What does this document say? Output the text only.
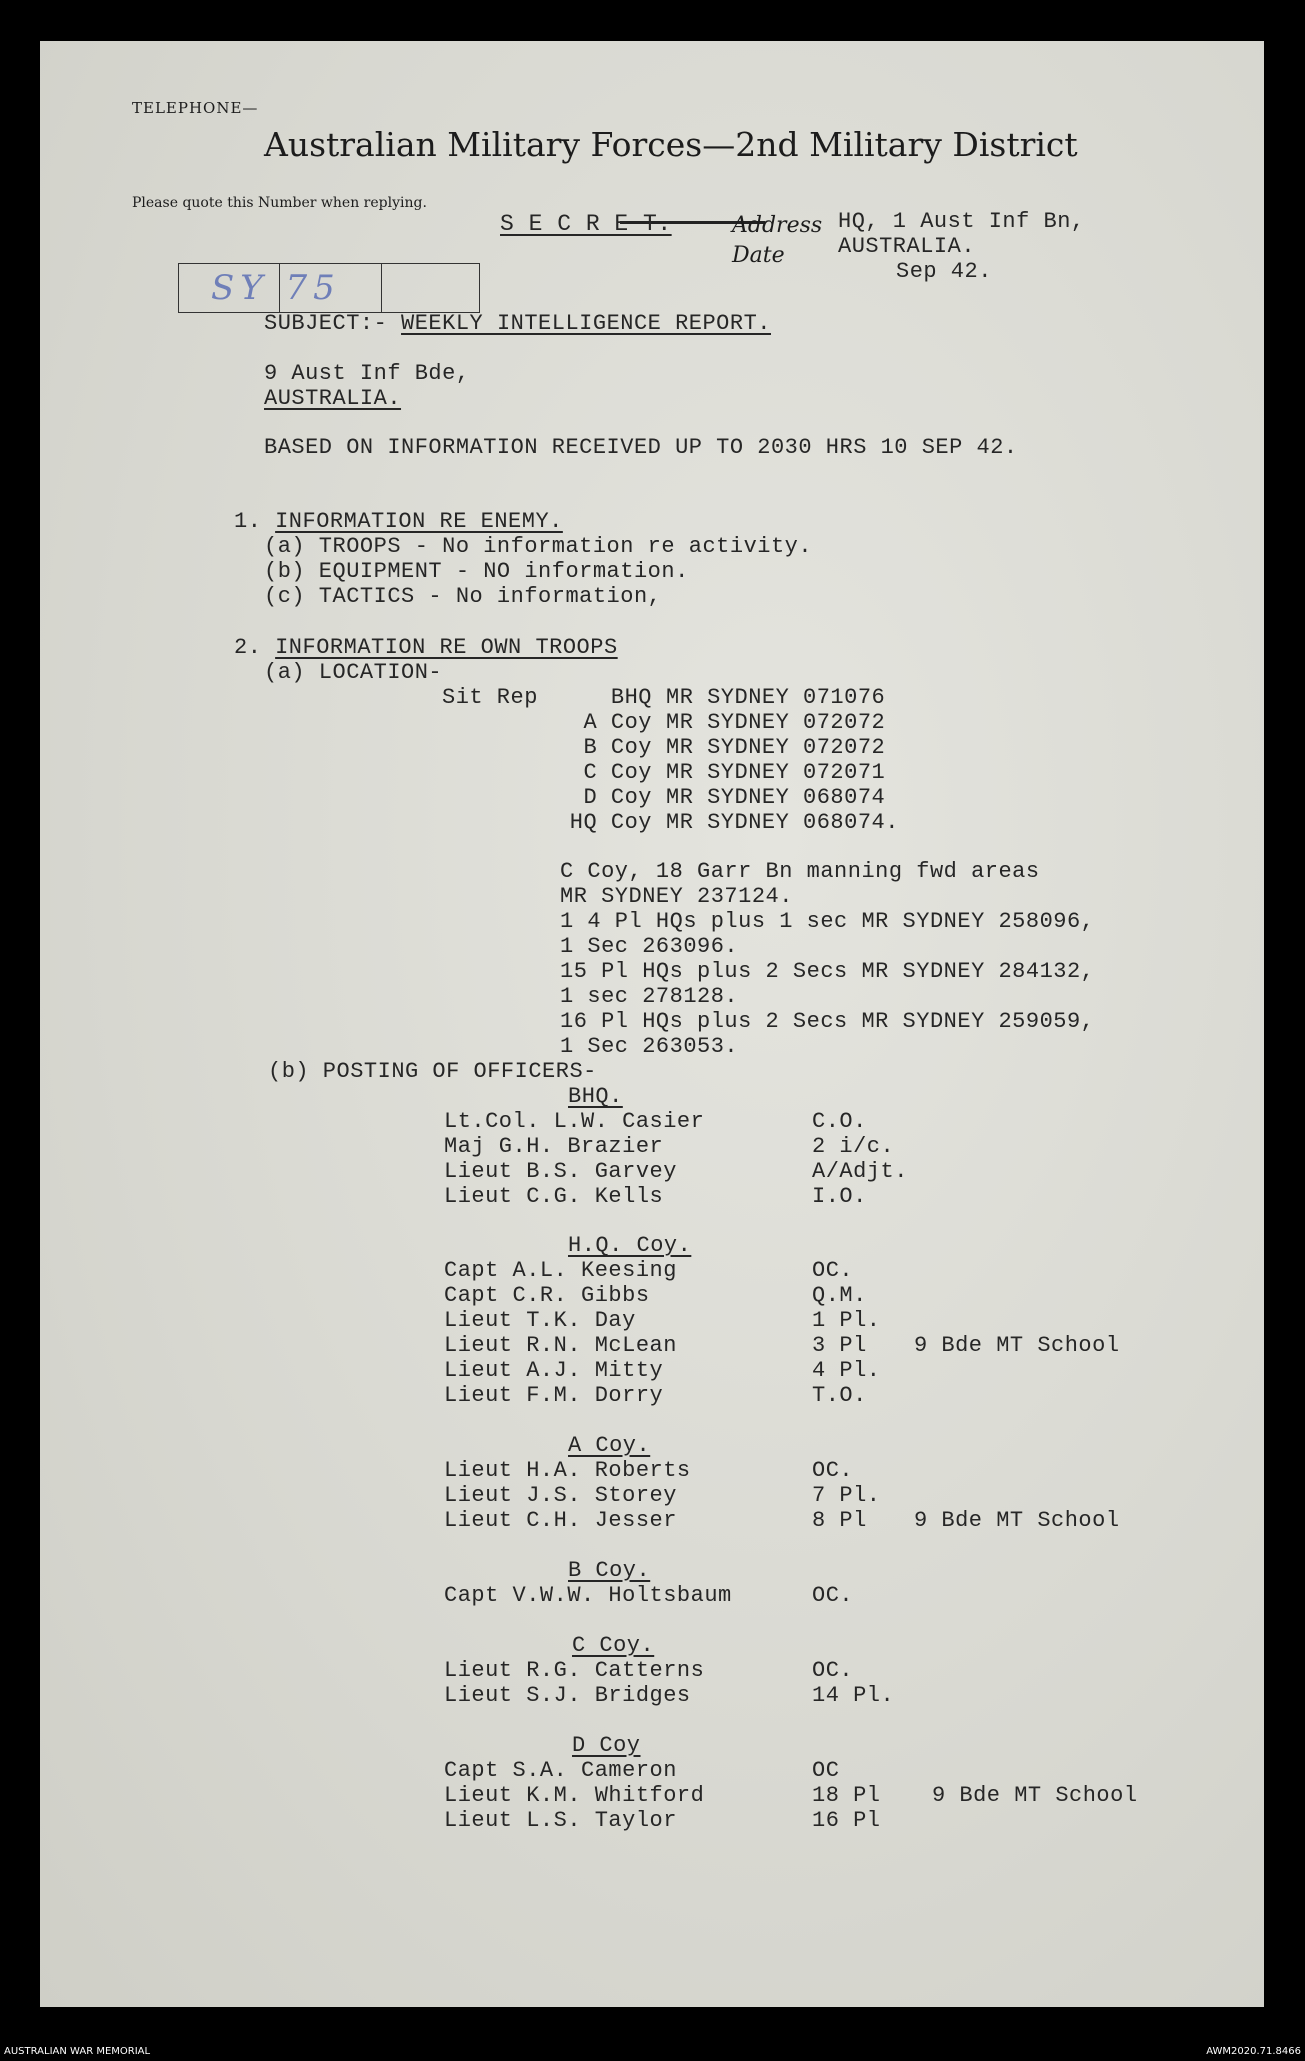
TELEPHONE—
Australian Military Forces—2nd Military District
Please quote this Number when replying.
SY 75
Address
Date
S E C R E T.	HQ, 1 Aust Inf Bn,
AUSTRALIA.
Sep 42.
SUBJECT:- WEEKLY INTELLIGENCE REPORT.
9 Aust Inf Bde,
AUSTRALIA.
BASED ON INFORMATION RECEIVED UP TO 2030 HRS 10 SEP 42.
1. INFORMATION RE ENEMY.
(a) TROOPS - No information re activity.
(b) EQUIPMENT - NO information.
(c) TACTICS - No information,
2. INFORMATION RE OWN TROOPS
(a) LOCATION-
Sit Rep	BHQ MR SYDNEY 071076
A Coy MR SYDNEY 072072
B Coy MR SYDNEY 072072
C Coy MR SYDNEY 072071
D Coy MR SYDNEY 068074
HQ Coy MR SYDNEY 068074.
C Coy, 18 Garr Bn manning fwd areas
MR SYDNEY 237124.
1 4 Pl HQs plus 1 sec MR SYDNEY 258096,
1 Sec 263096.
15 Pl HQs plus 2 Secs MR SYDNEY 284132,
1 sec 278128.
16 Pl HQs plus 2 Secs MR SYDNEY 259059,
1 Sec 263053.
(b) POSTING OF OFFICERS-
BHQ.
Lt.Col. L.W. Casier	C.O.
Maj G.H. Brazier	2 i/c.
Lieut B.S. Garvey	A/Adjt.
Lieut C.G. Kells	I.O.
H.Q. Coy.
Capt A.L. Keesing	OC.
Capt C.R. Gibbs	Q.M.
Lieut T.K. Day	1 Pl.
Lieut R.N. McLean	3 Pl 9 Bde MT School
Lieut A.J. Mitty	4 Pl.
Lieut F.M. Dorry	T.O.
A Coy.
Lieut H.A. Roberts	OC.
Lieut J.S. Storey	7 Pl.
Lieut C.H. Jesser	8 Pl 9 Bde MT School
B Coy.
Capt V.W.W. Holtsbaum	OC.
C Coy.
Lieut R.G. Catterns	OC.
Lieut S.J. Bridges	14 Pl.
D Coy
Capt S.A. Cameron	OC
Lieut K.M. Whitford	18 Pl 9 Bde MT School
Lieut L.S. Taylor	16 Pl
AUSTRALIAN WAR MEMORIAL	AWM2020.71.8466
